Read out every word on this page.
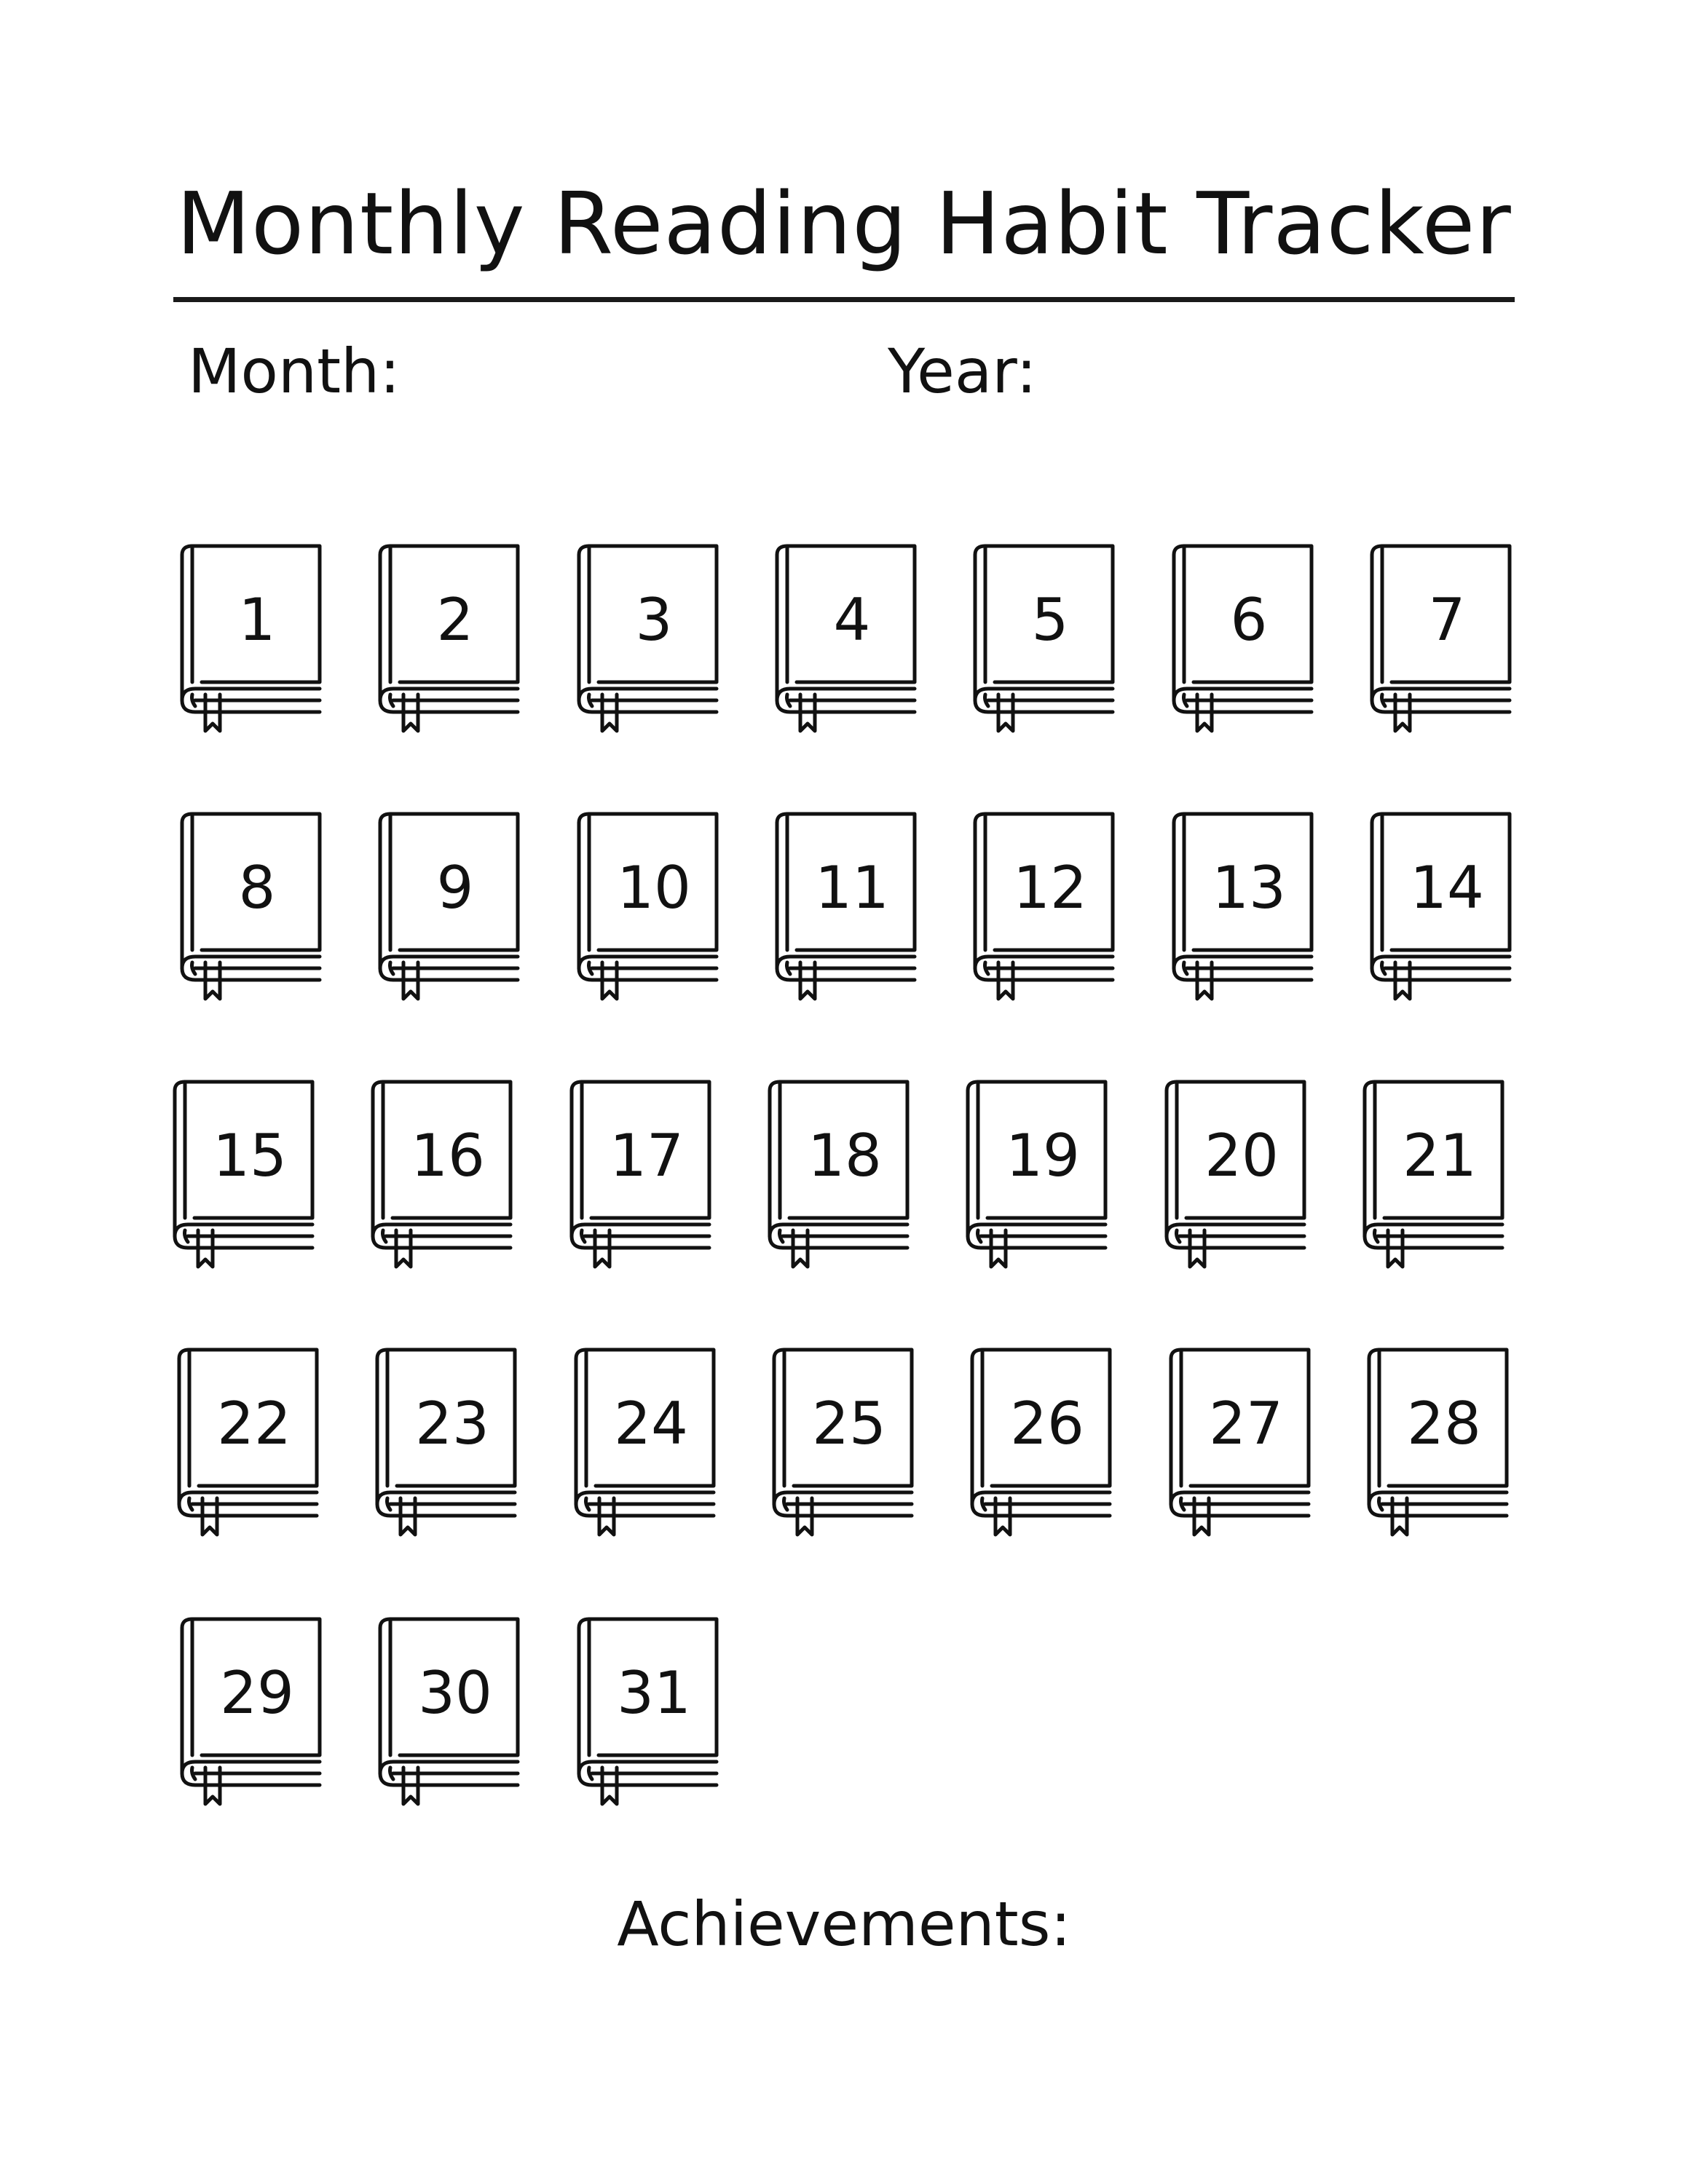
Monthly Reading Habit Tracker
Month:	Year:
1	2	3	4	5	6	7
8	9	10	11	12	13	14
15	16	17	18	19	20	21
22	23	24	25	26	27	28
29	30	31
Achievements:
